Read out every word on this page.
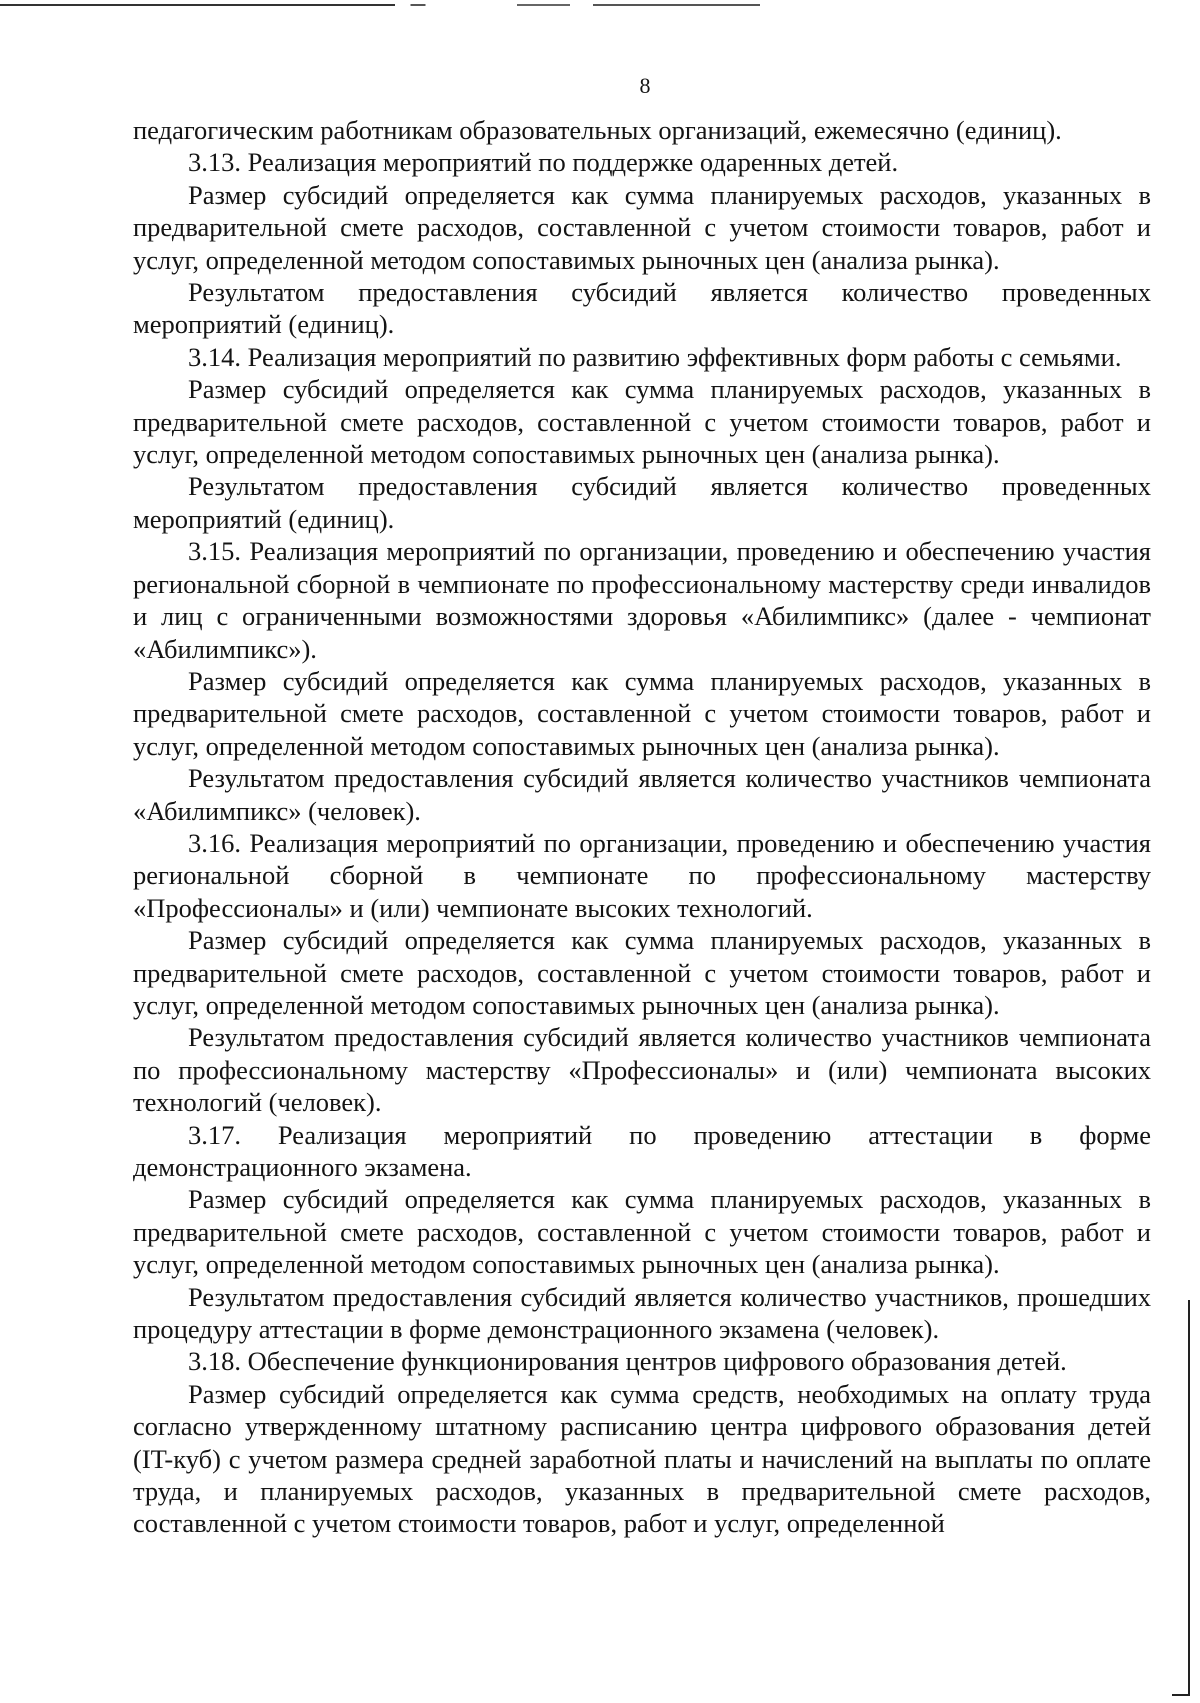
8

педагогическим работникам образовательных организаций, ежемесячно (единиц).

3.13. Реализация мероприятий по поддержке одаренных детей.

Размер субсидий определяется как сумма планируемых расходов, указанных в предварительной смете расходов, составленной с учетом стоимости товаров, работ и услуг, определенной методом сопоставимых рыночных цен (анализа рынка).

Результатом предоставления субсидий является количество проведенных мероприятий (единиц).

3.14. Реализация мероприятий по развитию эффективных форм работы с семьями.

Размер субсидий определяется как сумма планируемых расходов, указанных в предварительной смете расходов, составленной с учетом стоимости товаров, работ и услуг, определенной методом сопоставимых рыночных цен (анализа рынка).

Результатом предоставления субсидий является количество проведенных мероприятий (единиц).

3.15. Реализация мероприятий по организации, проведению и обеспечению участия региональной сборной в чемпионате по профессиональному мастерству среди инвалидов и лиц с ограниченными возможностями здоровья «Абилимпикс» (далее - чемпионат «Абилимпикс»).

Размер субсидий определяется как сумма планируемых расходов, указанных в предварительной смете расходов, составленной с учетом стоимости товаров, работ и услуг, определенной методом сопоставимых рыночных цен (анализа рынка).

Результатом предоставления субсидий является количество участников чемпионата «Абилимпикс» (человек).

3.16. Реализация мероприятий по организации, проведению и обеспечению участия региональной сборной в чемпионате по профессиональному мастерству «Профессионалы» и (или) чемпионате высоких технологий.

Размер субсидий определяется как сумма планируемых расходов, указанных в предварительной смете расходов, составленной с учетом стоимости товаров, работ и услуг, определенной методом сопоставимых рыночных цен (анализа рынка).

Результатом предоставления субсидий является количество участников чемпионата по профессиональному мастерству «Профессионалы» и (или) чемпионата высоких технологий (человек).

3.17. Реализация мероприятий по проведению аттестации в форме демонстрационного экзамена.

Размер субсидий определяется как сумма планируемых расходов, указанных в предварительной смете расходов, составленной с учетом стоимости товаров, работ и услуг, определенной методом сопоставимых рыночных цен (анализа рынка).

Результатом предоставления субсидий является количество участников, прошедших процедуру аттестации в форме демонстрационного экзамена (человек).

3.18. Обеспечение функционирования центров цифрового образования детей.

Размер субсидий определяется как сумма средств, необходимых на оплату труда согласно утвержденному штатному расписанию центра цифрового образования детей (IT-куб) с учетом размера средней заработной платы и начислений на выплаты по оплате труда, и планируемых расходов, указанных в предварительной смете расходов, составленной с учетом стоимости товаров, работ и услуг, определенной
